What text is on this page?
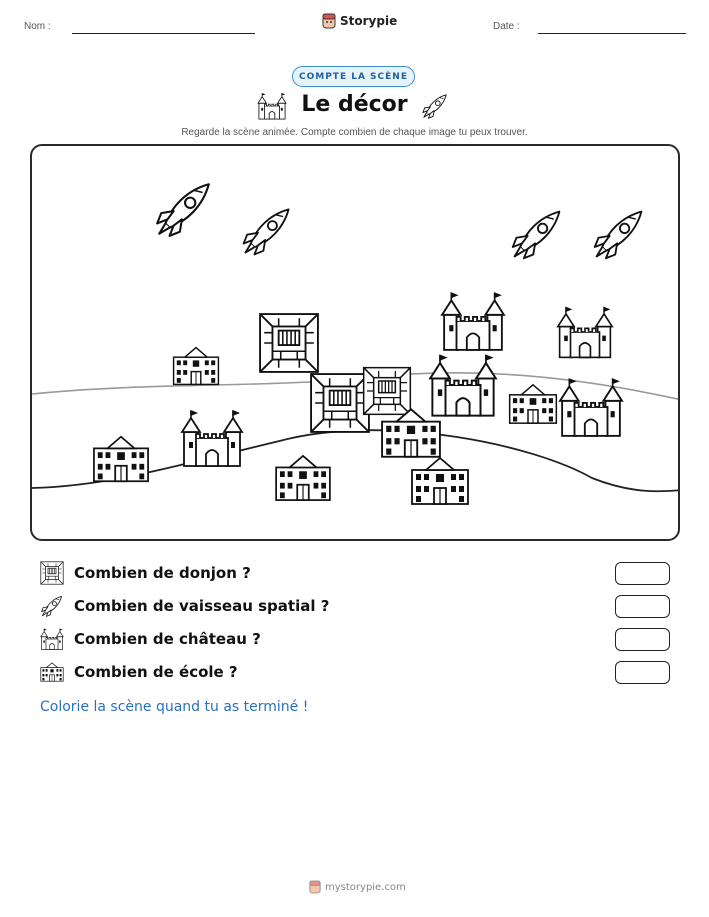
Nom :	Storypie	Date :
COMPTE LA SCÈNE
Le décor
Regarde la scène animée. Compte combien de chaque image tu peux trouver.
Combien de donjon ?
Combien de vaisseau spatial ?
Combien de château ?
Combien de école ?
Colorie la scène quand tu as terminé !
mystorypie.com
